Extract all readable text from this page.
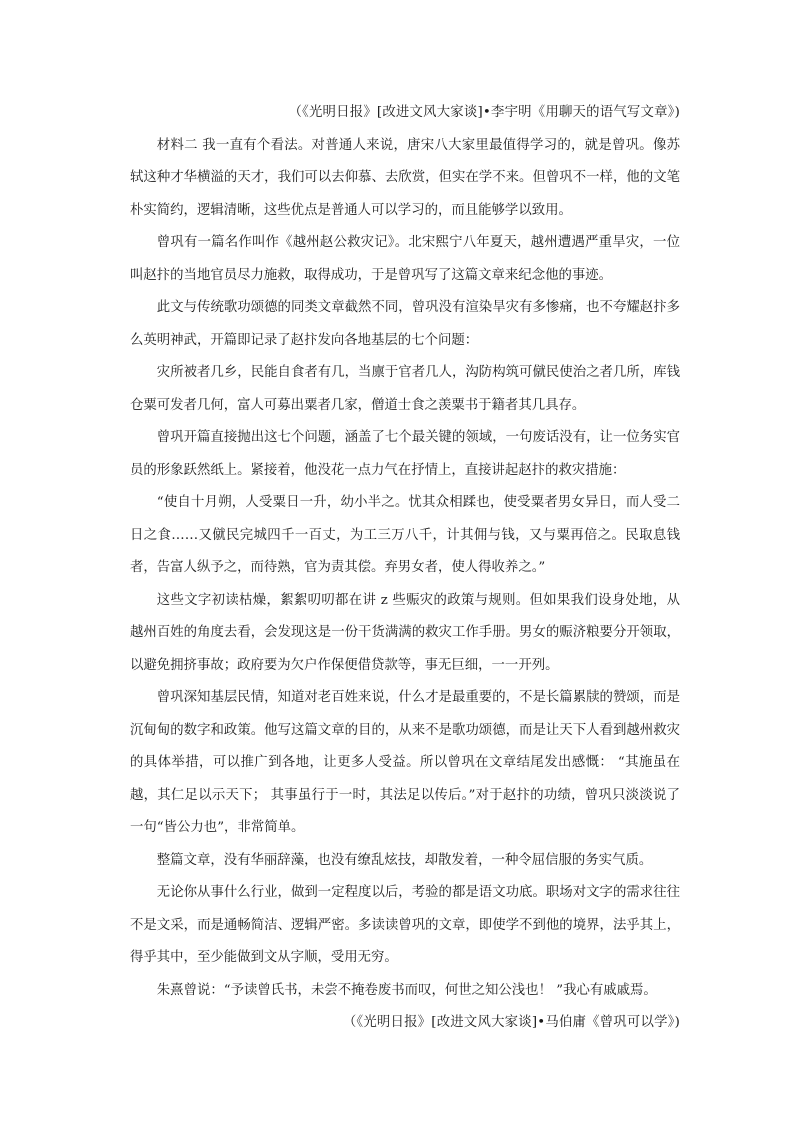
（《光明日报》[改进文风大家谈]•李宇明《用聊天的语气写文章》)

材料二 我一直有个看法。对普通人来说，唐宋八大家里最值得学习的，就是曾巩。像苏轼这种才华横溢的天才，我们可以去仰慕、去欣赏，但实在学不来。但曾巩不一样，他的文笔朴实简约，逻辑清晰，这些优点是普通人可以学习的，而且能够学以致用。

曾巩有一篇名作叫作《越州赵公救灾记》。北宋熙宁八年夏天，越州遭遇严重旱灾，一位叫赵抃的当地官员尽力施救，取得成功，于是曾巩写了这篇文章来纪念他的事迹。

此文与传统歌功颂德的同类文章截然不同，曾巩没有渲染旱灾有多惨痛，也不夸耀赵抃多么英明神武，开篇即记录了赵抃发向各地基层的七个问题：

灾所被者几乡，民能自食者有几，当廪于官者几人，沟防构筑可僦民使治之者几所，库钱仓粟可发者几何，富人可募出粟者几家，僧道士食之羡粟书于籍者其几具存。

曾巩开篇直接抛出这七个问题，涵盖了七个最关键的领域，一句废话没有，让一位务实官员的形象跃然纸上。紧接着，他没花一点力气在抒情上，直接讲起赵抃的救灾措施：

“使自十月朔，人受粟日一升，幼小半之。忧其众相蹂也，使受粟者男女异日，而人受二日之食……又僦民完城四千一百丈，为工三万八千，计其佣与钱，又与粟再倍之。民取息钱者，告富人纵予之，而待熟，官为责其偿。弃男女者，使人得收养之。”

这些文字初读枯燥，絮絮叨叨都在讲 z 些赈灾的政策与规则。但如果我们设身处地，从越州百姓的角度去看，会发现这是一份干货满满的救灾工作手册。男女的赈济粮要分开领取，以避免拥挤事故；政府要为欠户作保便借贷款等，事无巨细，一一开列。

曾巩深知基层民情，知道对老百姓来说，什么才是最重要的，不是长篇累牍的赞颂，而是沉甸甸的数字和政策。他写这篇文章的目的，从来不是歌功颂德，而是让天下人看到越州救灾的具体举措，可以推广到各地，让更多人受益。所以曾巩在文章结尾发出感慨： “其施虽在越，其仁足以示天下； 其事虽行于一时，其法足以传后。”对于赵抃的功绩，曾巩只淡淡说了一句“皆公力也”，非常简单。

整篇文章，没有华丽辞藻，也没有缭乱炫技，却散发着，一种令屈信服的务实气质。

无论你从事什么行业，做到一定程度以后，考验的都是语文功底。职场对文字的需求往往不是文采，而是通畅简洁、逻辑严密。多读读曾巩的文章，即使学不到他的境界，法乎其上，得乎其中，至少能做到文从字顺，受用无穷。

朱熹曾说：“予读曾氏书，未尝不掩卷废书而叹，何世之知公浅也！ ”我心有戚戚焉。

（《光明日报》[改进文风大家谈]•马伯庸《曾巩可以学》)
